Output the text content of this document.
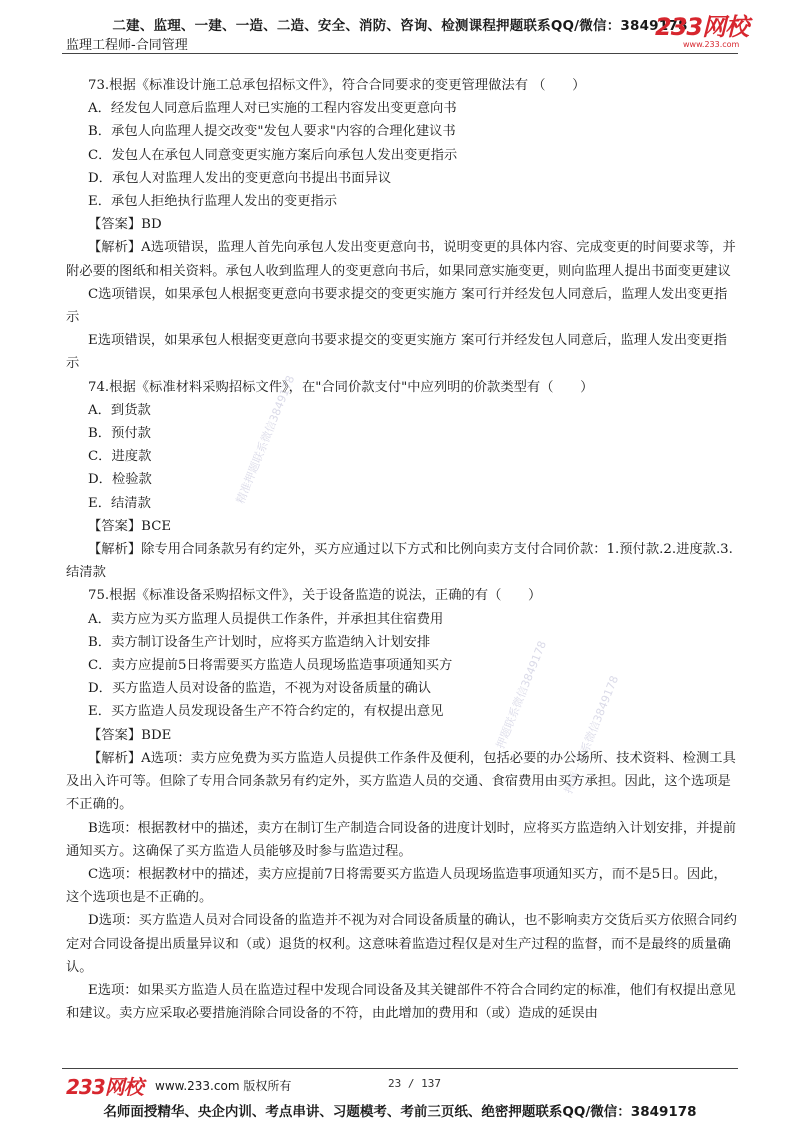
二建、监理、一建、一造、二造、安全、消防、咨询、检测课程押题联系QQ/微信：3849178
监理工程师-合同管理
233网校
www.233.com
精准押题联系微信3849178
押题联系微信3849178 押题一联系微信3849178

73.根据《标准设计施工总承包招标文件》，符合合同要求的变更管理做法有 （　　）

A．经发包人同意后监理人对已实施的工程内容发出变更意向书

B．承包人向监理人提交改变"发包人要求"内容的合理化建议书

C．发包人在承包人同意变更实施方案后向承包人发出变更指示

D．承包人对监理人发出的变更意向书提出书面异议

E．承包人拒绝执行监理人发出的变更指示

【答案】BD

【解析】A选项错误，监理人首先向承包人发出变更意向书，说明变更的具体内容、完成变更的时间要求等，并附必要的图纸和相关资料。承包人收到监理人的变更意向书后，如果同意实施变更，则向监理人提出书面变更建议

C选项错误，如果承包人根据变更意向书要求提交的变更实施方 案可行并经发包人同意后，监理人发出变更指示

E选项错误，如果承包人根据变更意向书要求提交的变更实施方 案可行并经发包人同意后，监理人发出变更指示

74.根据《标准材料采购招标文件》，在"合同价款支付"中应列明的价款类型有（　　）

A．到货款

B．预付款

C．进度款

D．检验款

E．结清款

【答案】BCE

【解析】除专用合同条款另有约定外，买方应通过以下方式和比例向卖方支付合同价款：1.预付款.2.进度款.3.结清款

75.根据《标准设备采购招标文件》，关于设备监造的说法，正确的有（　　）

A．卖方应为买方监理人员提供工作条件，并承担其住宿费用

B．卖方制订设备生产计划时，应将买方监造纳入计划安排

C．卖方应提前5日将需要买方监造人员现场监造事项通知买方

D．买方监造人员对设备的监造，不视为对设备质量的确认

E．买方监造人员发现设备生产不符合约定的，有权提出意见

【答案】BDE

【解析】A选项：卖方应免费为买方监造人员提供工作条件及便利，包括必要的办公场所、技术资料、检测工具及出入许可等。但除了专用合同条款另有约定外，买方监造人员的交通、食宿费用由买方承担。因此，这个选项是不正确的。

B选项：根据教材中的描述，卖方在制订生产制造合同设备的进度计划时，应将买方监造纳入计划安排，并提前通知买方。这确保了买方监造人员能够及时参与监造过程。

C选项：根据教材中的描述，卖方应提前7日将需要买方监造人员现场监造事项通知买方，而不是5日。因此，这个选项也是不正确的。

D选项：买方监造人员对合同设备的监造并不视为对合同设备质量的确认，也不影响卖方交货后买方依照合同约定对合同设备提出质量异议和（或）退货的权利。这意味着监造过程仅是对生产过程的监督，而不是最终的质量确认。

E选项：如果买方监造人员在监造过程中发现合同设备及其关键部件不符合合同约定的标准，他们有权提出意见和建议。卖方应采取必要措施消除合同设备的不符，由此增加的费用和（或）造成的延误由

233网校 www.233.com 版权所有	23 / 137
名师面授精华、央企内训、考点串讲、习题模考、考前三页纸、绝密押题联系QQ/微信：3849178
